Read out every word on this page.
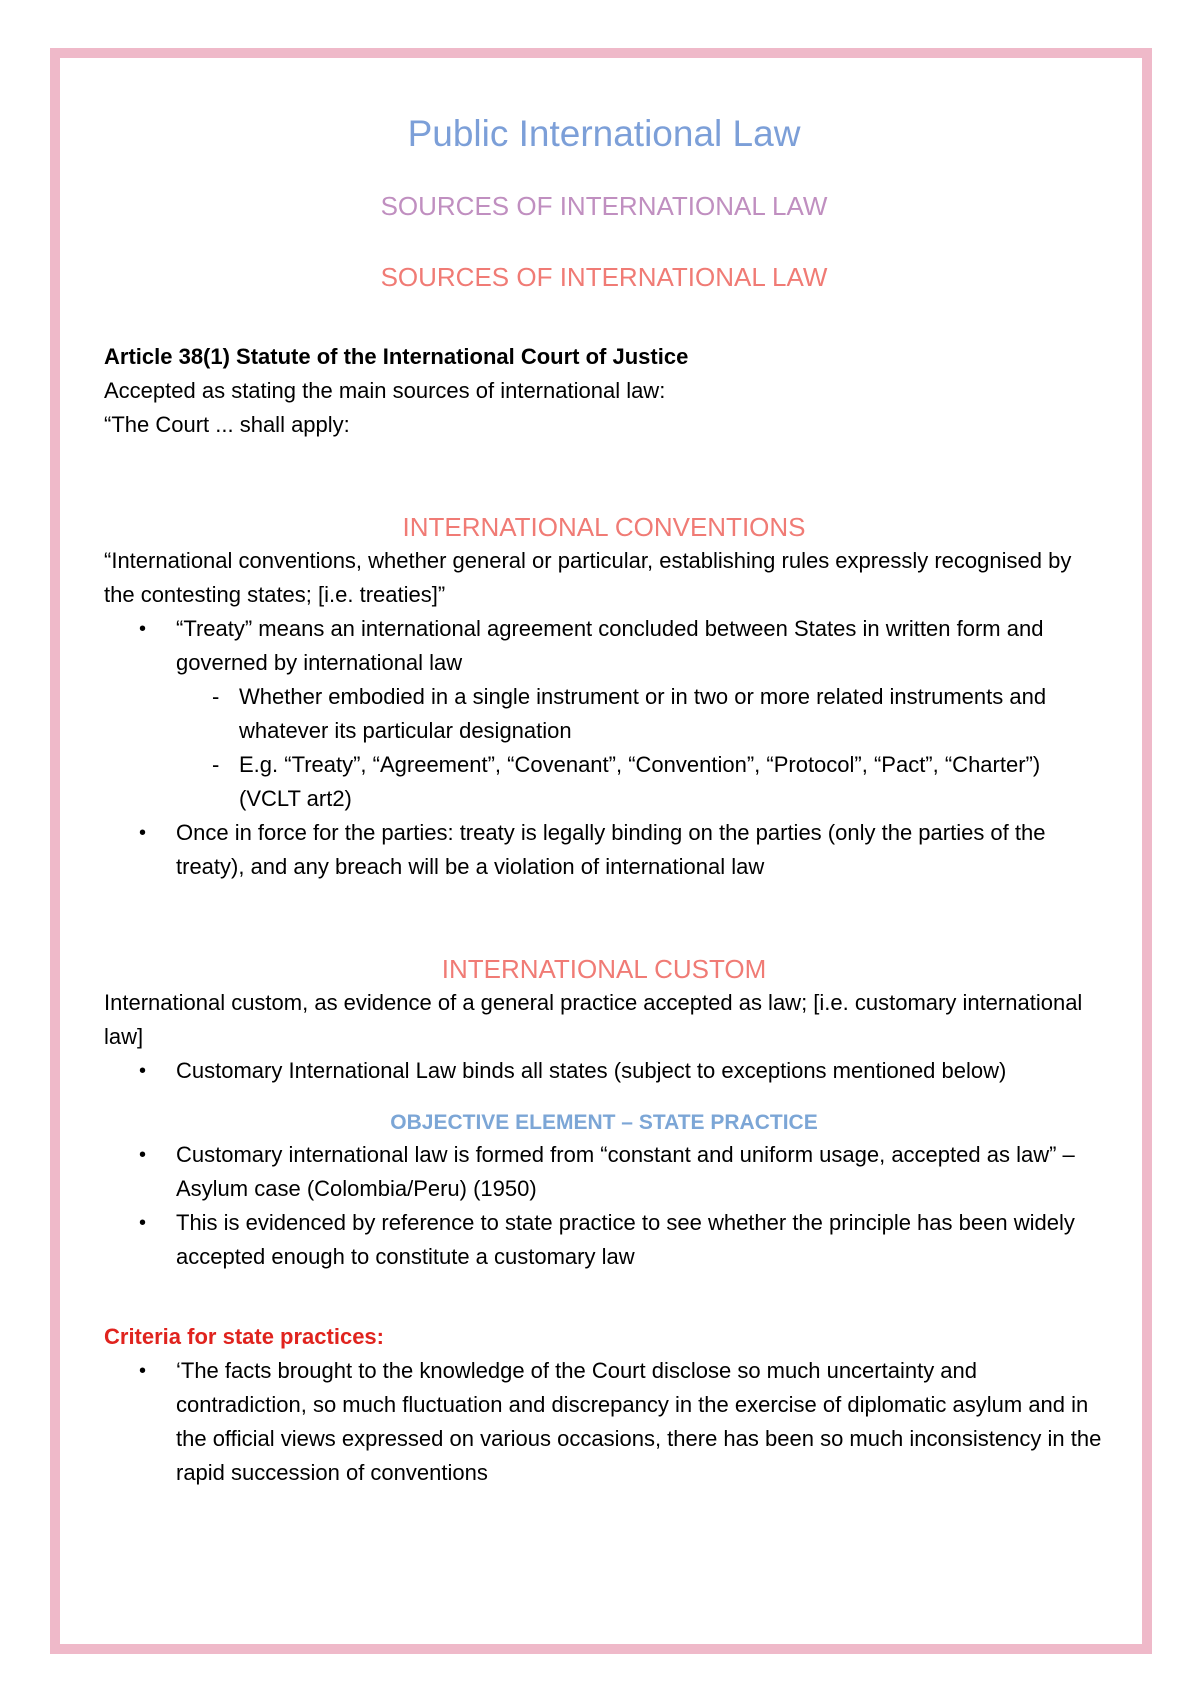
Public International Law
SOURCES OF INTERNATIONAL LAW
SOURCES OF INTERNATIONAL LAW

Article 38(1) Statute of the International Court of Justice

Accepted as stating the main sources of international law:

“The Court ... shall apply:

INTERNATIONAL CONVENTIONS

“International conventions, whether general or particular, establishing rules expressly recognised by the contesting states; [i.e. treaties]”

• “Treaty” means an international agreement concluded between States in written form and governed by international law
- Whether embodied in a single instrument or in two or more related instruments and whatever its particular designation
- E.g. “Treaty”, “Agreement”, “Covenant”, “Convention”, “Protocol”, “Pact”, “Charter”) (VCLT art2)
• Once in force for the parties: treaty is legally binding on the parties (only the parties of the treaty), and any breach will be a violation of international law
INTERNATIONAL CUSTOM

International custom, as evidence of a general practice accepted as law; [i.e. customary international law]

• Customary International Law binds all states (subject to exceptions mentioned below)
OBJECTIVE ELEMENT – STATE PRACTICE
• Customary international law is formed from “constant and uniform usage, accepted as law” – Asylum case (Colombia/Peru) (1950)
• This is evidenced by reference to state practice to see whether the principle has been widely accepted enough to constitute a customary law

Criteria for state practices:

• ‘The facts brought to the knowledge of the Court disclose so much uncertainty and contradiction, so much fluctuation and discrepancy in the exercise of diplomatic asylum and in the official views expressed on various occasions, there has been so much inconsistency in the rapid succession of conventions
